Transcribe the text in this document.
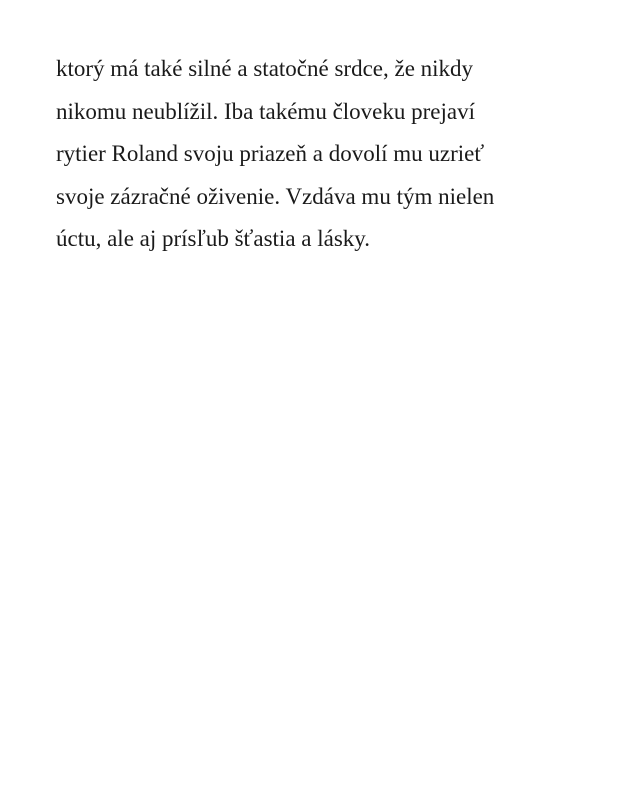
ktorý má také silné a statočné srdce, že nikdy
nikomu neublížil. Iba takému človeku prejaví
rytier Roland svoju priazeň a dovolí mu uzrieť
svoje zázračné oživenie. Vzdáva mu tým nielen
úctu, ale aj prísľub šťastia a lásky.
